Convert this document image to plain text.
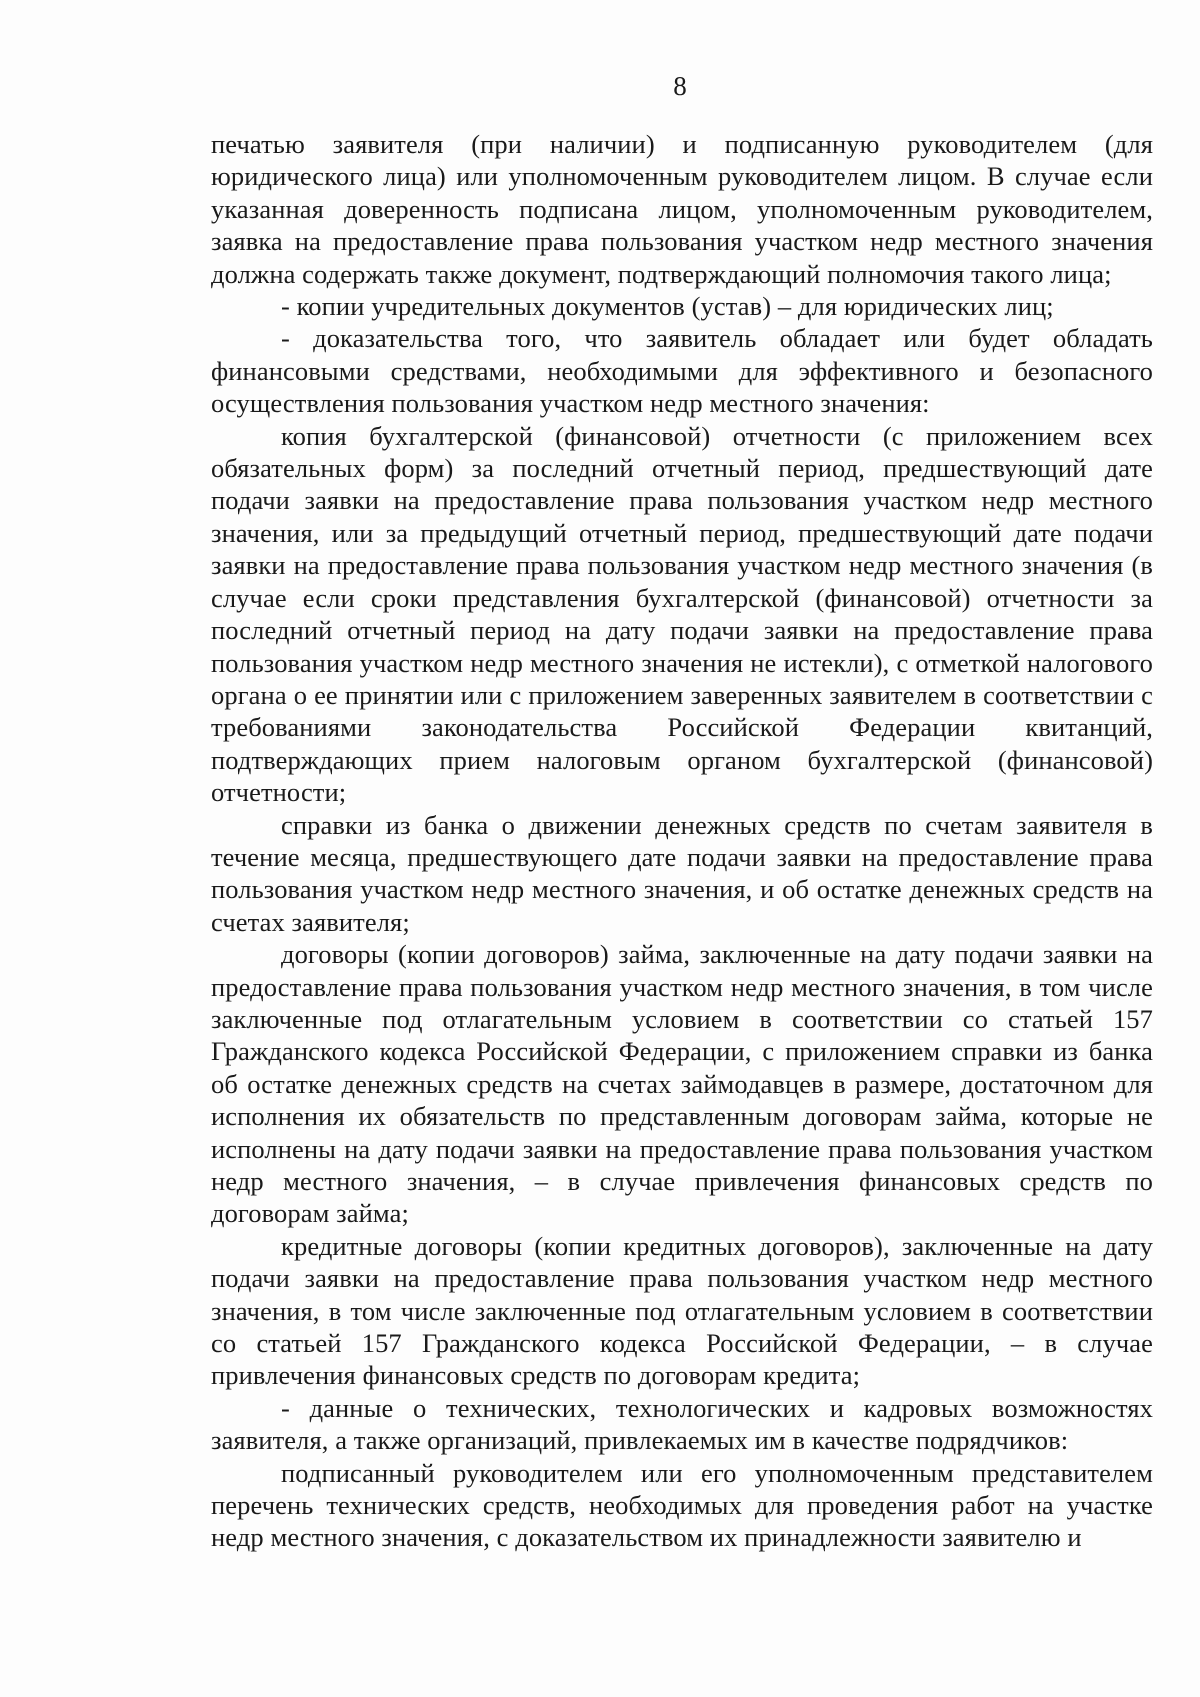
8

печатью заявителя (при наличии) и подписанную руководителем (для юридического лица) или уполномоченным руководителем лицом. В случае если указанная доверенность подписана лицом, уполномоченным руководителем, заявка на предоставление права пользования участком недр местного значения должна содержать также документ, подтверждающий полномочия такого лица;

- копии учредительных документов (устав) – для юридических лиц;

- доказательства того, что заявитель обладает или будет обладать финансовыми средствами, необходимыми для эффективного и безопасного осуществления пользования участком недр местного значения:

копия бухгалтерской (финансовой) отчетности (с приложением всех обязательных форм) за последний отчетный период, предшествующий дате подачи заявки на предоставление права пользования участком недр местного значения, или за предыдущий отчетный период, предшествующий дате подачи заявки на предоставление права пользования участком недр местного значения (в случае если сроки представления бухгалтерской (финансовой) отчетности за последний отчетный период на дату подачи заявки на предоставление права пользования участком недр местного значения не истекли), с отметкой налогового органа о ее принятии или с приложением заверенных заявителем в соответствии с требованиями законодательства Российской Федерации квитанций, подтверждающих прием налоговым органом бухгалтерской (финансовой) отчетности;

справки из банка о движении денежных средств по счетам заявителя в течение месяца, предшествующего дате подачи заявки на предоставление права пользования участком недр местного значения, и об остатке денежных средств на счетах заявителя;

договоры (копии договоров) займа, заключенные на дату подачи заявки на предоставление права пользования участком недр местного значения, в том числе заключенные под отлагательным условием в соответствии со статьей 157 Гражданского кодекса Российской Федерации, с приложением справки из банка об остатке денежных средств на счетах займодавцев в размере, достаточном для исполнения их обязательств по представленным договорам займа, которые не исполнены на дату подачи заявки на предоставление права пользования участком недр местного значения, – в случае привлечения финансовых средств по договорам займа;

кредитные договоры (копии кредитных договоров), заключенные на дату подачи заявки на предоставление права пользования участком недр местного значения, в том числе заключенные под отлагательным условием в соответствии со статьей 157 Гражданского кодекса Российской Федерации, – в случае привлечения финансовых средств по договорам кредита;

- данные о технических, технологических и кадровых возможностях заявителя, а также организаций, привлекаемых им в качестве подрядчиков:

подписанный руководителем или его уполномоченным представителем перечень технических средств, необходимых для проведения работ на участке недр местного значения, с доказательством их принадлежности заявителю и
